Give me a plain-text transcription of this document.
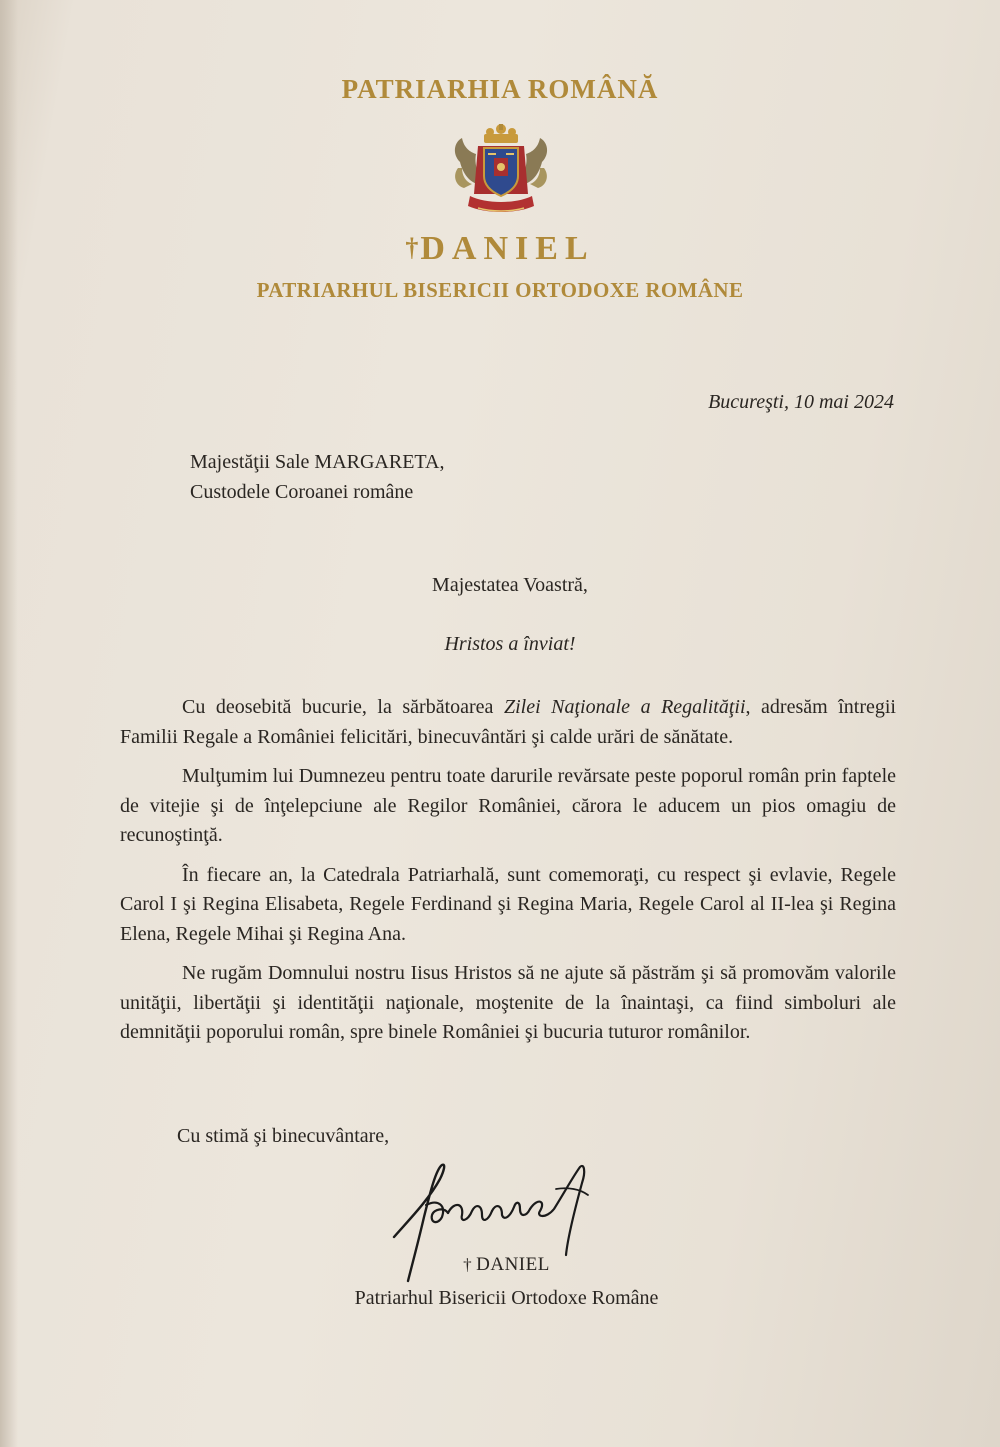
PATRIARHIA ROMÂNĂ
†DANIEL
PATRIARHUL BISERICII ORTODOXE ROMÂNE
Bucureşti, 10 mai 2024
Majestăţii Sale MARGARETA,
Custodele Coroanei române
Majestatea Voastră,
Hristos a înviat!

Cu deosebită bucurie, la sărbătoarea Zilei Naţionale a Regalităţii, adresăm întregii Familii Regale a României felicitări, binecuvântări şi calde urări de sănătate.

Mulţumim lui Dumnezeu pentru toate darurile revărsate peste poporul român prin faptele de vitejie şi de înţelepciune ale Regilor României, cărora le aducem un pios omagiu de recunoştinţă.

În fiecare an, la Catedrala Patriarhală, sunt comemoraţi, cu respect şi evlavie, Regele Carol I şi Regina Elisabeta, Regele Ferdinand şi Regina Maria, Regele Carol al II-lea şi Regina Elena, Regele Mihai şi Regina Ana.

Ne rugăm Domnului nostru Iisus Hristos să ne ajute să păstrăm şi să promovăm valorile unităţii, libertăţii şi identităţii naţionale, moştenite de la înaintaşi, ca fiind simboluri ale demnităţii poporului român, spre binele României şi bucuria tuturor românilor.

Cu stimă şi binecuvântare,
† DANIEL
Patriarhul Bisericii Ortodoxe Române
